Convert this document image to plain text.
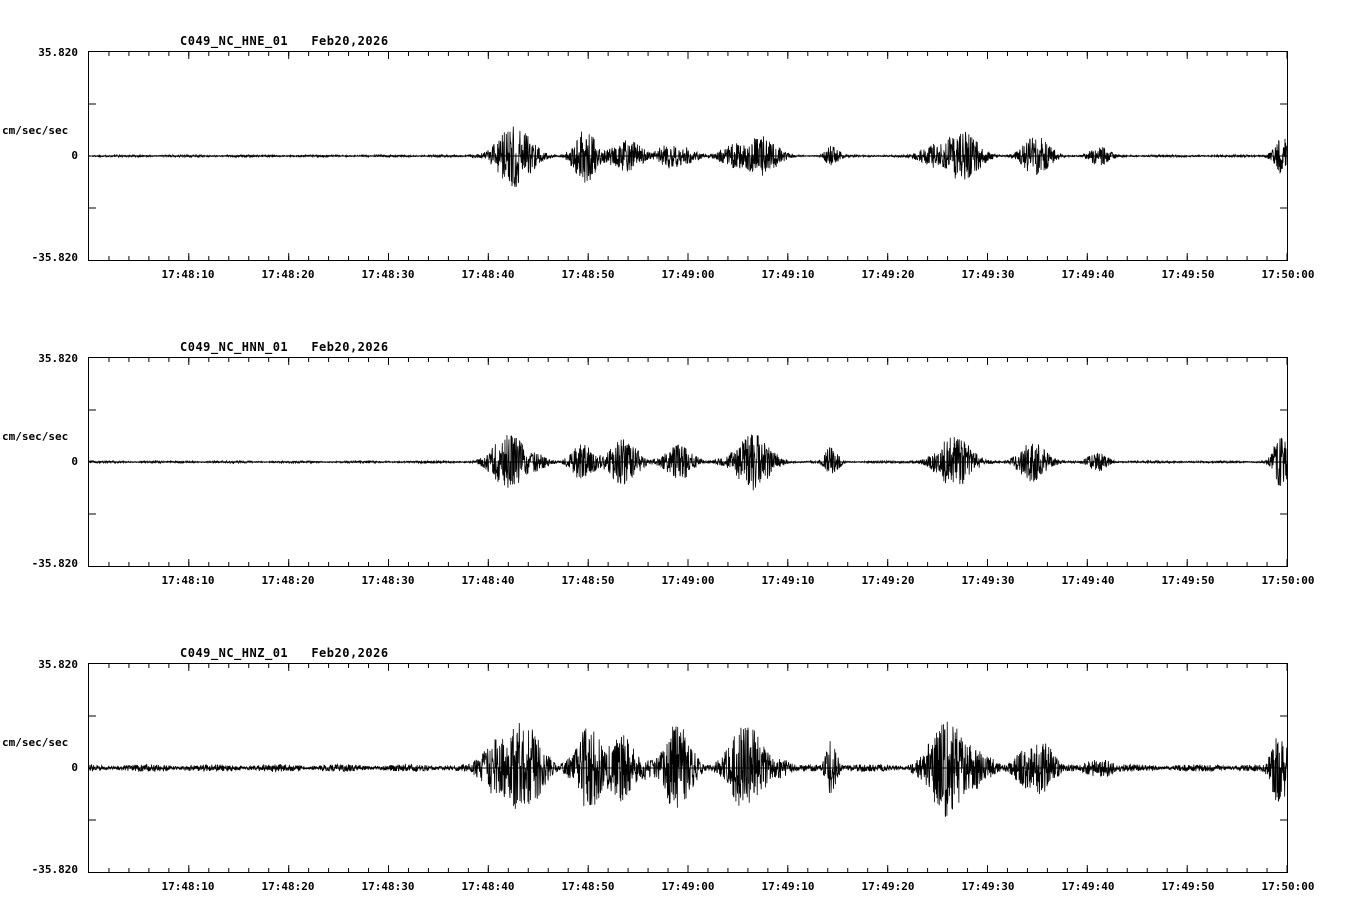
C049_NC_HNE_01   Feb20,2026
cm/sec/sec
35.820
0
-35.820
17:48:10	17:48:20	17:48:30	17:48:40	17:48:50	17:49:00	17:49:10	17:49:20	17:49:30	17:49:40	17:49:50	17:50:00
C049_NC_HNN_01   Feb20,2026
cm/sec/sec
35.820
0
-35.820
17:48:10	17:48:20	17:48:30	17:48:40	17:48:50	17:49:00	17:49:10	17:49:20	17:49:30	17:49:40	17:49:50	17:50:00
C049_NC_HNZ_01   Feb20,2026
cm/sec/sec
35.820
0
-35.820
17:48:10	17:48:20	17:48:30	17:48:40	17:48:50	17:49:00	17:49:10	17:49:20	17:49:30	17:49:40	17:49:50	17:50:00
